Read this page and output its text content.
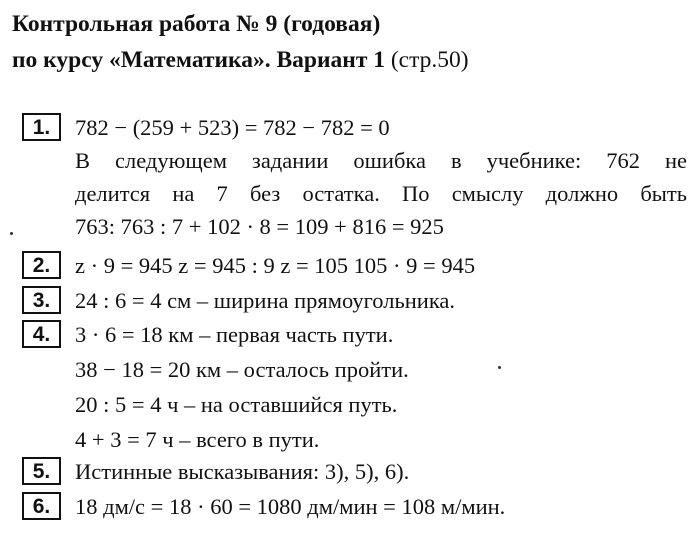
Контрольная работа № 9 (годовая)
по курсу «Математика». Вариант 1 (стр.50)
1.	782 − (259 + 523) = 782 − 782 = 0
В следующем задании ошибка в учебнике: 762 не
делится на 7 без остатка. По смыслу должно быть
763: 763 : 7 + 102 · 8 = 109 + 816 = 925
2.	z · 9 = 945 z = 945 : 9 z = 105 105 · 9 = 945
3.	24 : 6 = 4 см – ширина прямоугольника.
4.	3 · 6 = 18 км – первая часть пути.
38 − 18 = 20 км – осталось пройти.
20 : 5 = 4 ч – на оставшийся путь.
4 + 3 = 7 ч – всего в пути.
5.	Истинные высказывания: 3), 5), 6).
6.	18 дм/с = 18 · 60 = 1080 дм/мин = 108 м/мин.
